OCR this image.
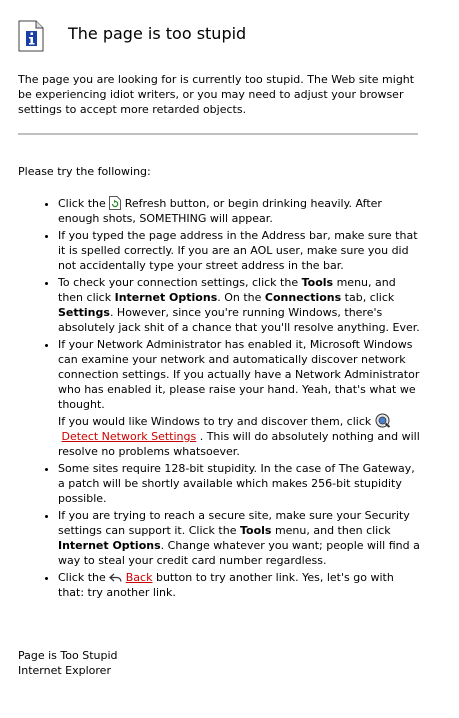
The page is too stupid
The page you are looking for is currently too stupid. The Web site might be experiencing idiot writers, or you may need to adjust your browser settings to accept more retarded objects.
Please try the following:
• Click the  Refresh button, or begin drinking heavily. After enough shots, SOMETHING will appear.
• If you typed the page address in the Address bar, make sure that it is spelled correctly. If you are an AOL user, make sure you did not accidentally type your street address in the bar.
• To check your connection settings, click the Tools menu, and then click Internet Options. On the Connections tab, click Settings. However, since you're running Windows, there's absolutely jack shit of a chance that you'll resolve anything. Ever.
• If your Network Administrator has enabled it, Microsoft Windows can examine your network and automatically discover network connection settings. If you actually have a Network Administrator who has enabled it, please raise your hand. Yeah, that's what we thought.
If you would like Windows to try and discover them, click  Detect Network Settings . This will do absolutely nothing and will resolve no problems whatsoever.
• Some sites require 128-bit stupidity. In the case of The Gateway, a patch will be shortly available which makes 256-bit stupidity possible.
• If you are trying to reach a secure site, make sure your Security settings can support it. Click the Tools menu, and then click Internet Options. Change whatever you want; people will find a way to steal your credit card number regardless.
• Click the  Back button to try another link. Yes, let's go with that: try another link.
Page is Too Stupid
Internet Explorer
